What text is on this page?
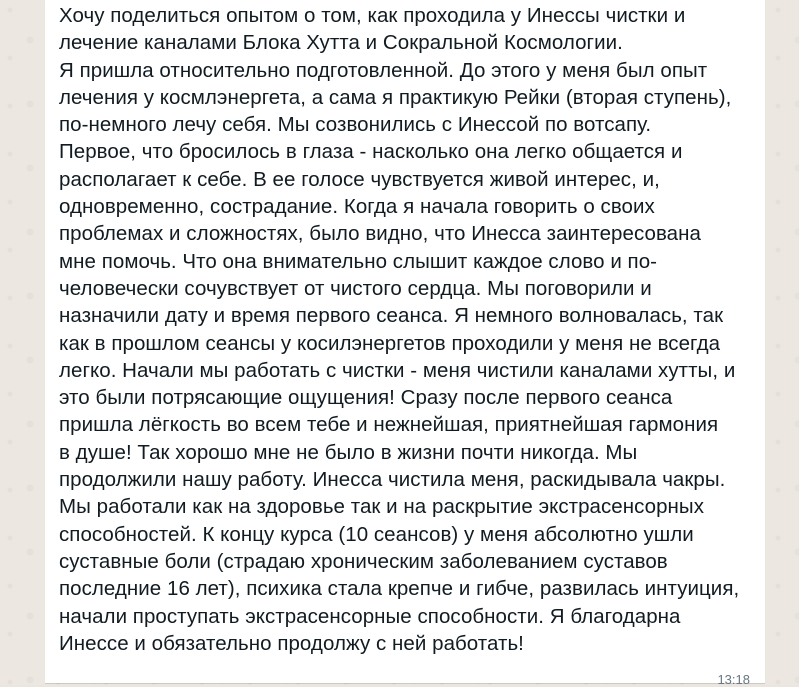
Хочу поделиться опытом о том, как проходила у Инессы чистки и
лечение каналами Блока Хутта и Сокральной Космологии.
Я пришла относительно подготовленной. До этого у меня был опыт
лечения у космлэнергета, а сама я практикую Рейки (вторая ступень),
по-немного лечу себя. Мы созвонились с Инессой по вотсапу.
Первое, что бросилось в глаза - насколько она легко общается и
располагает к себе. В ее голосе чувствуется живой интерес, и,
одновременно, сострадание. Когда я начала говорить о своих
проблемах и сложностях, было видно, что Инесса заинтересована
мне помочь. Что она внимательно слышит каждое слово и по-
человечески сочувствует от чистого сердца. Мы поговорили и
назначили дату и время первого сеанса. Я немного волновалась, так
как в прошлом сеансы у косилэнергетов проходили у меня не всегда
легко. Начали мы работать с чистки - меня чистили каналами хутты, и
это были потрясающие ощущения! Сразу после первого сеанса
пришла лёгкость во всем тебе и нежнейшая, приятнейшая гармония
в душе! Так хорошо мне не было в жизни почти никогда. Мы
продолжили нашу работу. Инесса чистила меня, раскидывала чакры.
Мы работали как на здоровье так и на раскрытие экстрасенсорных
способностей. К концу курса (10 сеансов) у меня абсолютно ушли
суставные боли (страдаю хроническим заболеванием суставов
последние 16 лет), психика стала крепче и гибче, развилась интуиция,
начали проступать экстрасенсорные способности. Я благодарна
Инессе и обязательно продолжу с ней работать!

13:18
